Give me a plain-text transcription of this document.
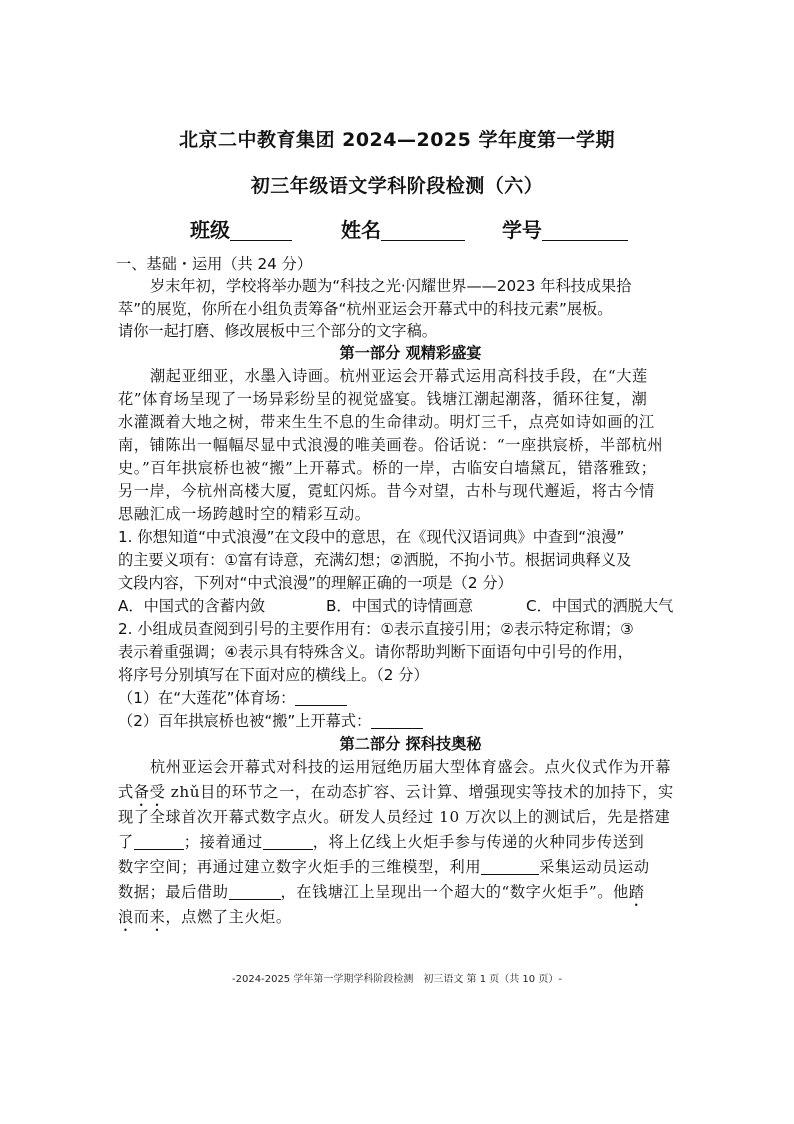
北京二中教育集团 2024—2025 学年度第一学期
初三年级语文学科阶段检测（六）
班级	姓名	学号
一、基础・运用（共 24 分）
岁末年初，学校将举办题为“科技之光·闪耀世界——2023 年科技成果拾
萃”的展览，你所在小组负责筹备“杭州亚运会开幕式中的科技元素”展板。
请你一起打磨、修改展板中三个部分的文字稿。
第一部分 观精彩盛宴
潮起亚细亚，水墨入诗画。杭州亚运会开幕式运用高科技手段，在“大莲
花”体育场呈现了一场异彩纷呈的视觉盛宴。钱塘江潮起潮落，循环往复，潮
水灌溉着大地之树，带来生生不息的生命律动。明灯三千，点亮如诗如画的江
南，铺陈出一幅幅尽显中式浪漫的唯美画卷。俗话说：“一座拱宸桥，半部杭州
史。”百年拱宸桥也被“搬”上开幕式。桥的一岸，古临安白墙黛瓦，错落雅致；
另一岸，今杭州高楼大厦，霓虹闪烁。昔今对望，古朴与现代邂逅，将古今情
思融汇成一场跨越时空的精彩互动。
1. 你想知道“中式浪漫”在文段中的意思，在《现代汉语词典》中查到“浪漫”
的主要义项有：①富有诗意，充满幻想；②洒脱，不拘小节。根据词典释义及
文段内容，下列对“中式浪漫”的理解正确的一项是（2 分）
A．中国式的含蓄内敛	B．中国式的诗情画意	C．中国式的洒脱大气
2. 小组成员查阅到引号的主要作用有：①表示直接引用；②表示特定称谓；③
表示着重强调；④表示具有特殊含义。请你帮助判断下面语句中引号的作用，
将序号分别填写在下面对应的横线上。（2 分）
（1）在“大莲花”体育场：
（2）百年拱宸桥也被“搬”上开幕式：
第二部分 探科技奥秘
杭州亚运会开幕式对科技的运用冠绝历届大型体育盛会。点火仪式作为开幕
式备受 zhǔ目的环节之一，在动态扩容、云计算、增强现实等技术的加持下，实
现了全球首次开幕式数字点火。研发人员经过 10 万次以上的测试后，先是搭建
了	；接着通过	，将上亿线上火炬手参与传递的火种同步传送到
数字空间；再通过建立数字火炬手的三维模型，利用	采集运动员运动
数据；最后借助	，在钱塘江上呈现出一个超大的“数字火炬手”。他踏
浪而来，点燃了主火炬。
-2024-2025 学年第一学期学科阶段检测　初三语文 第 1 页（共 10 页）-
